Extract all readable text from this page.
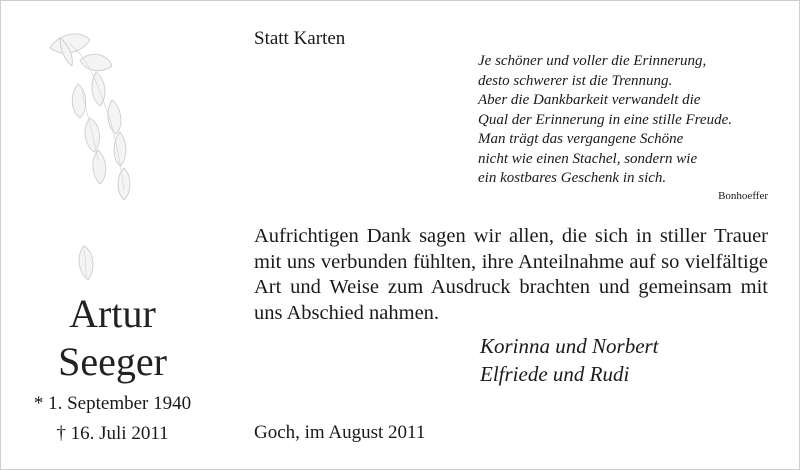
Artur
Seeger
* 1. September 1940
† 16. Juli 2011
Statt Karten
Je schöner und voller die Erinnerung,
desto schwerer ist die Trennung.
Aber die Dankbarkeit verwandelt die
Qual der Erinnerung in eine stille Freude.
Man trägt das vergangene Schöne
nicht wie einen Stachel, sondern wie
ein kostbares Geschenk in sich.
Bonhoeffer
Aufrichtigen Dank sagen wir allen, die sich in stiller Trauer mit uns verbunden fühlten, ihre Anteilnahme auf so vielfältige Art und Weise zum Ausdruck brachten und gemeinsam mit uns Abschied nahmen.
Korinna und Norbert
Elfriede und Rudi
Goch, im August 2011
